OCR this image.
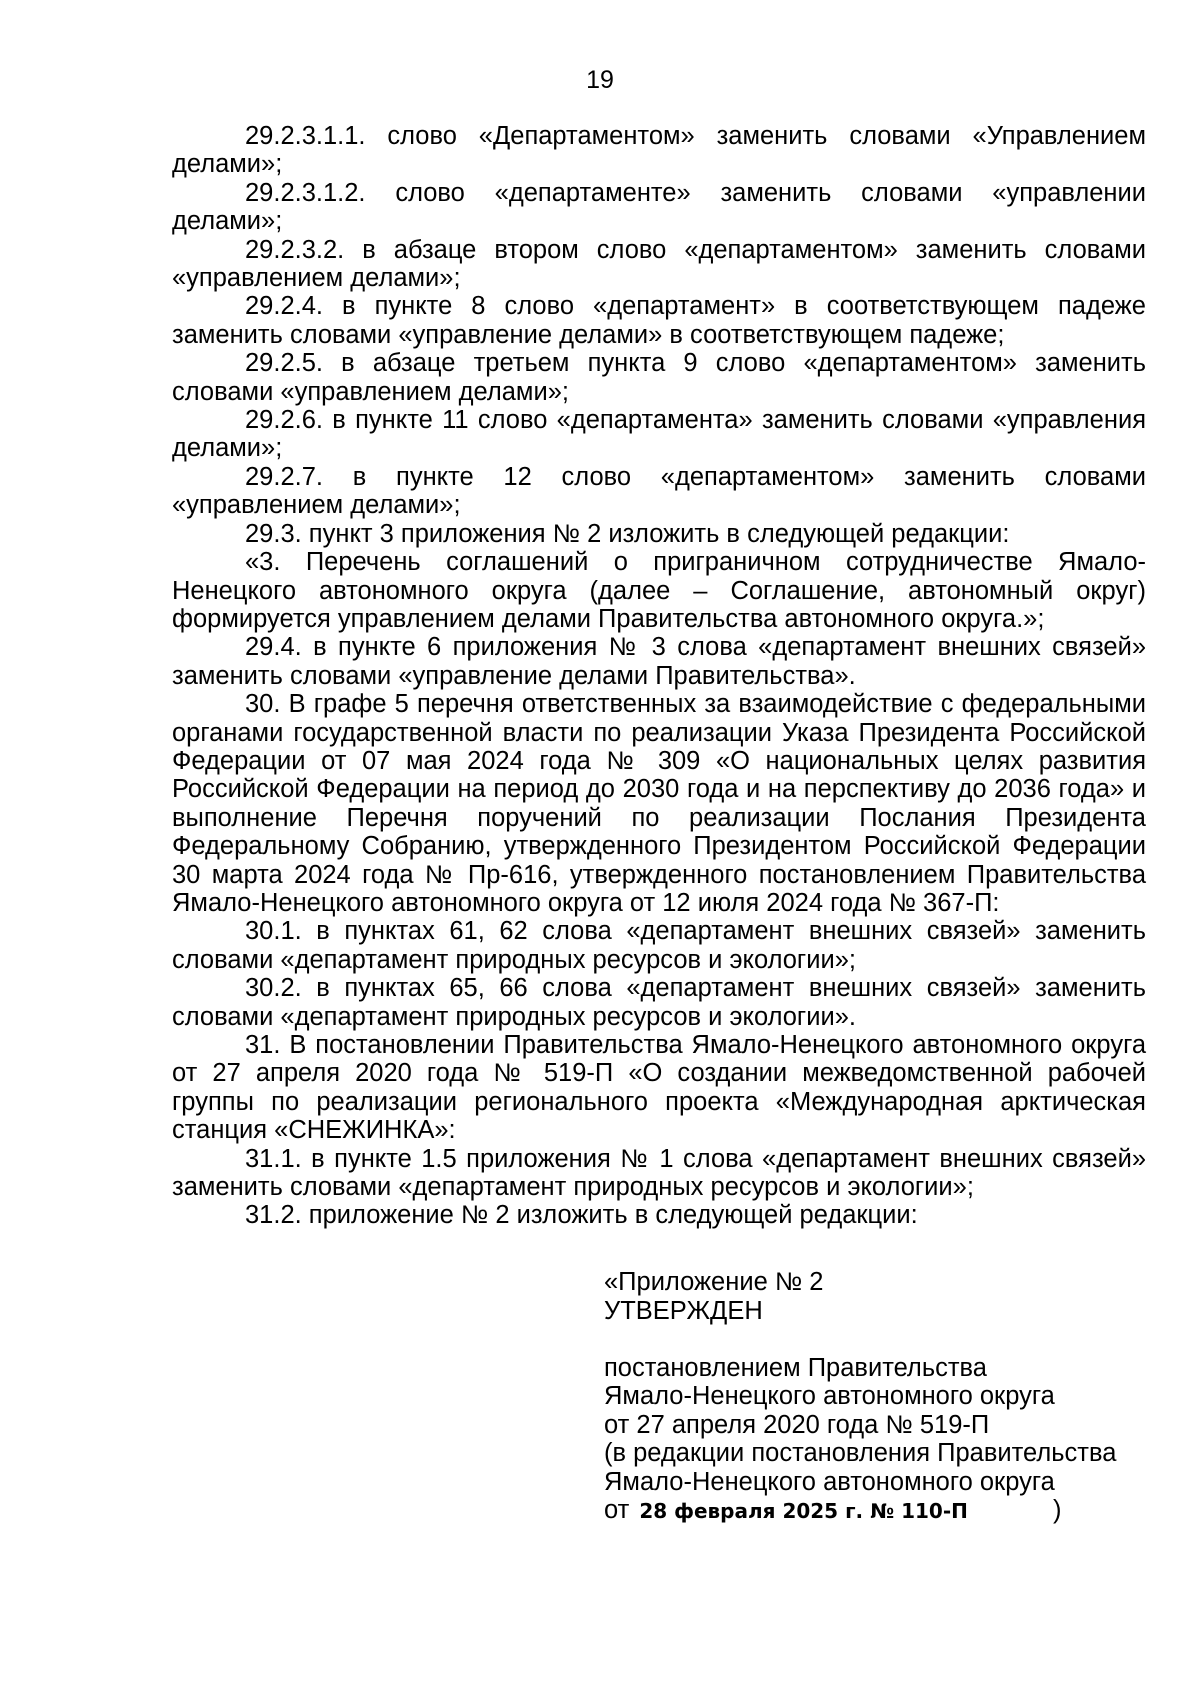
19

29.2.3.1.1. слово «Департаментом» заменить словами «Управлением делами»;

29.2.3.1.2. слово «департаменте» заменить словами «управлении делами»;

29.2.3.2. в абзаце втором слово «департаментом» заменить словами «управлением делами»;

29.2.4. в пункте 8 слово «департамент» в соответствующем падеже заменить словами «управление делами» в соответствующем падеже;

29.2.5. в абзаце третьем пункта 9 слово «департаментом» заменить словами «управлением делами»;

29.2.6. в пункте 11 слово «департамента» заменить словами «управления делами»;

29.2.7. в пункте 12 слово «департаментом» заменить словами «управлением делами»;

29.3. пункт 3 приложения № 2 изложить в следующей редакции:

«3. Перечень соглашений о приграничном сотрудничестве Ямало-Ненецкого автономного округа (далее – Соглашение, автономный округ) формируется управлением делами Правительства автономного округа.»;

29.4. в пункте 6 приложения № 3 слова «департамент внешних связей» заменить словами «управление делами Правительства».

30. В графе 5 перечня ответственных за взаимодействие с федеральными органами государственной власти по реализации Указа Президента Российской Федерации от 07 мая 2024 года № 309 «О национальных целях развития Российской Федерации на период до 2030 года и на перспективу до 2036 года» и выполнение Перечня поручений по реализации Послания Президента Федеральному Собранию, утвержденного Президентом Российской Федерации 30 марта 2024 года № Пр-616, утвержденного постановлением Правительства Ямало-Ненецкого автономного округа от 12 июля 2024 года № 367-П:

30.1. в пунктах 61, 62 слова «департамент внешних связей» заменить словами «департамент природных ресурсов и экологии»;

30.2. в пунктах 65, 66 слова «департамент внешних связей» заменить словами «департамент природных ресурсов и экологии».

31. В постановлении Правительства Ямало-Ненецкого автономного округа от 27 апреля 2020 года № 519-П «О создании межведомственной рабочей группы по реализации регионального проекта «Международная арктическая станция «СНЕЖИНКА»:

31.1. в пункте 1.5 приложения № 1 слова «департамент внешних связей» заменить словами «департамент природных ресурсов и экологии»;

31.2. приложение № 2 изложить в следующей редакции:

«Приложение № 2
УТВЕРЖДЕН
постановлением Правительства
Ямало-Ненецкого автономного округа
от 27 апреля 2020 года № 519-П
(в редакции постановления Правительства
Ямало-Ненецкого автономного округа
от 28 февраля 2025 г. № 110-П	)
